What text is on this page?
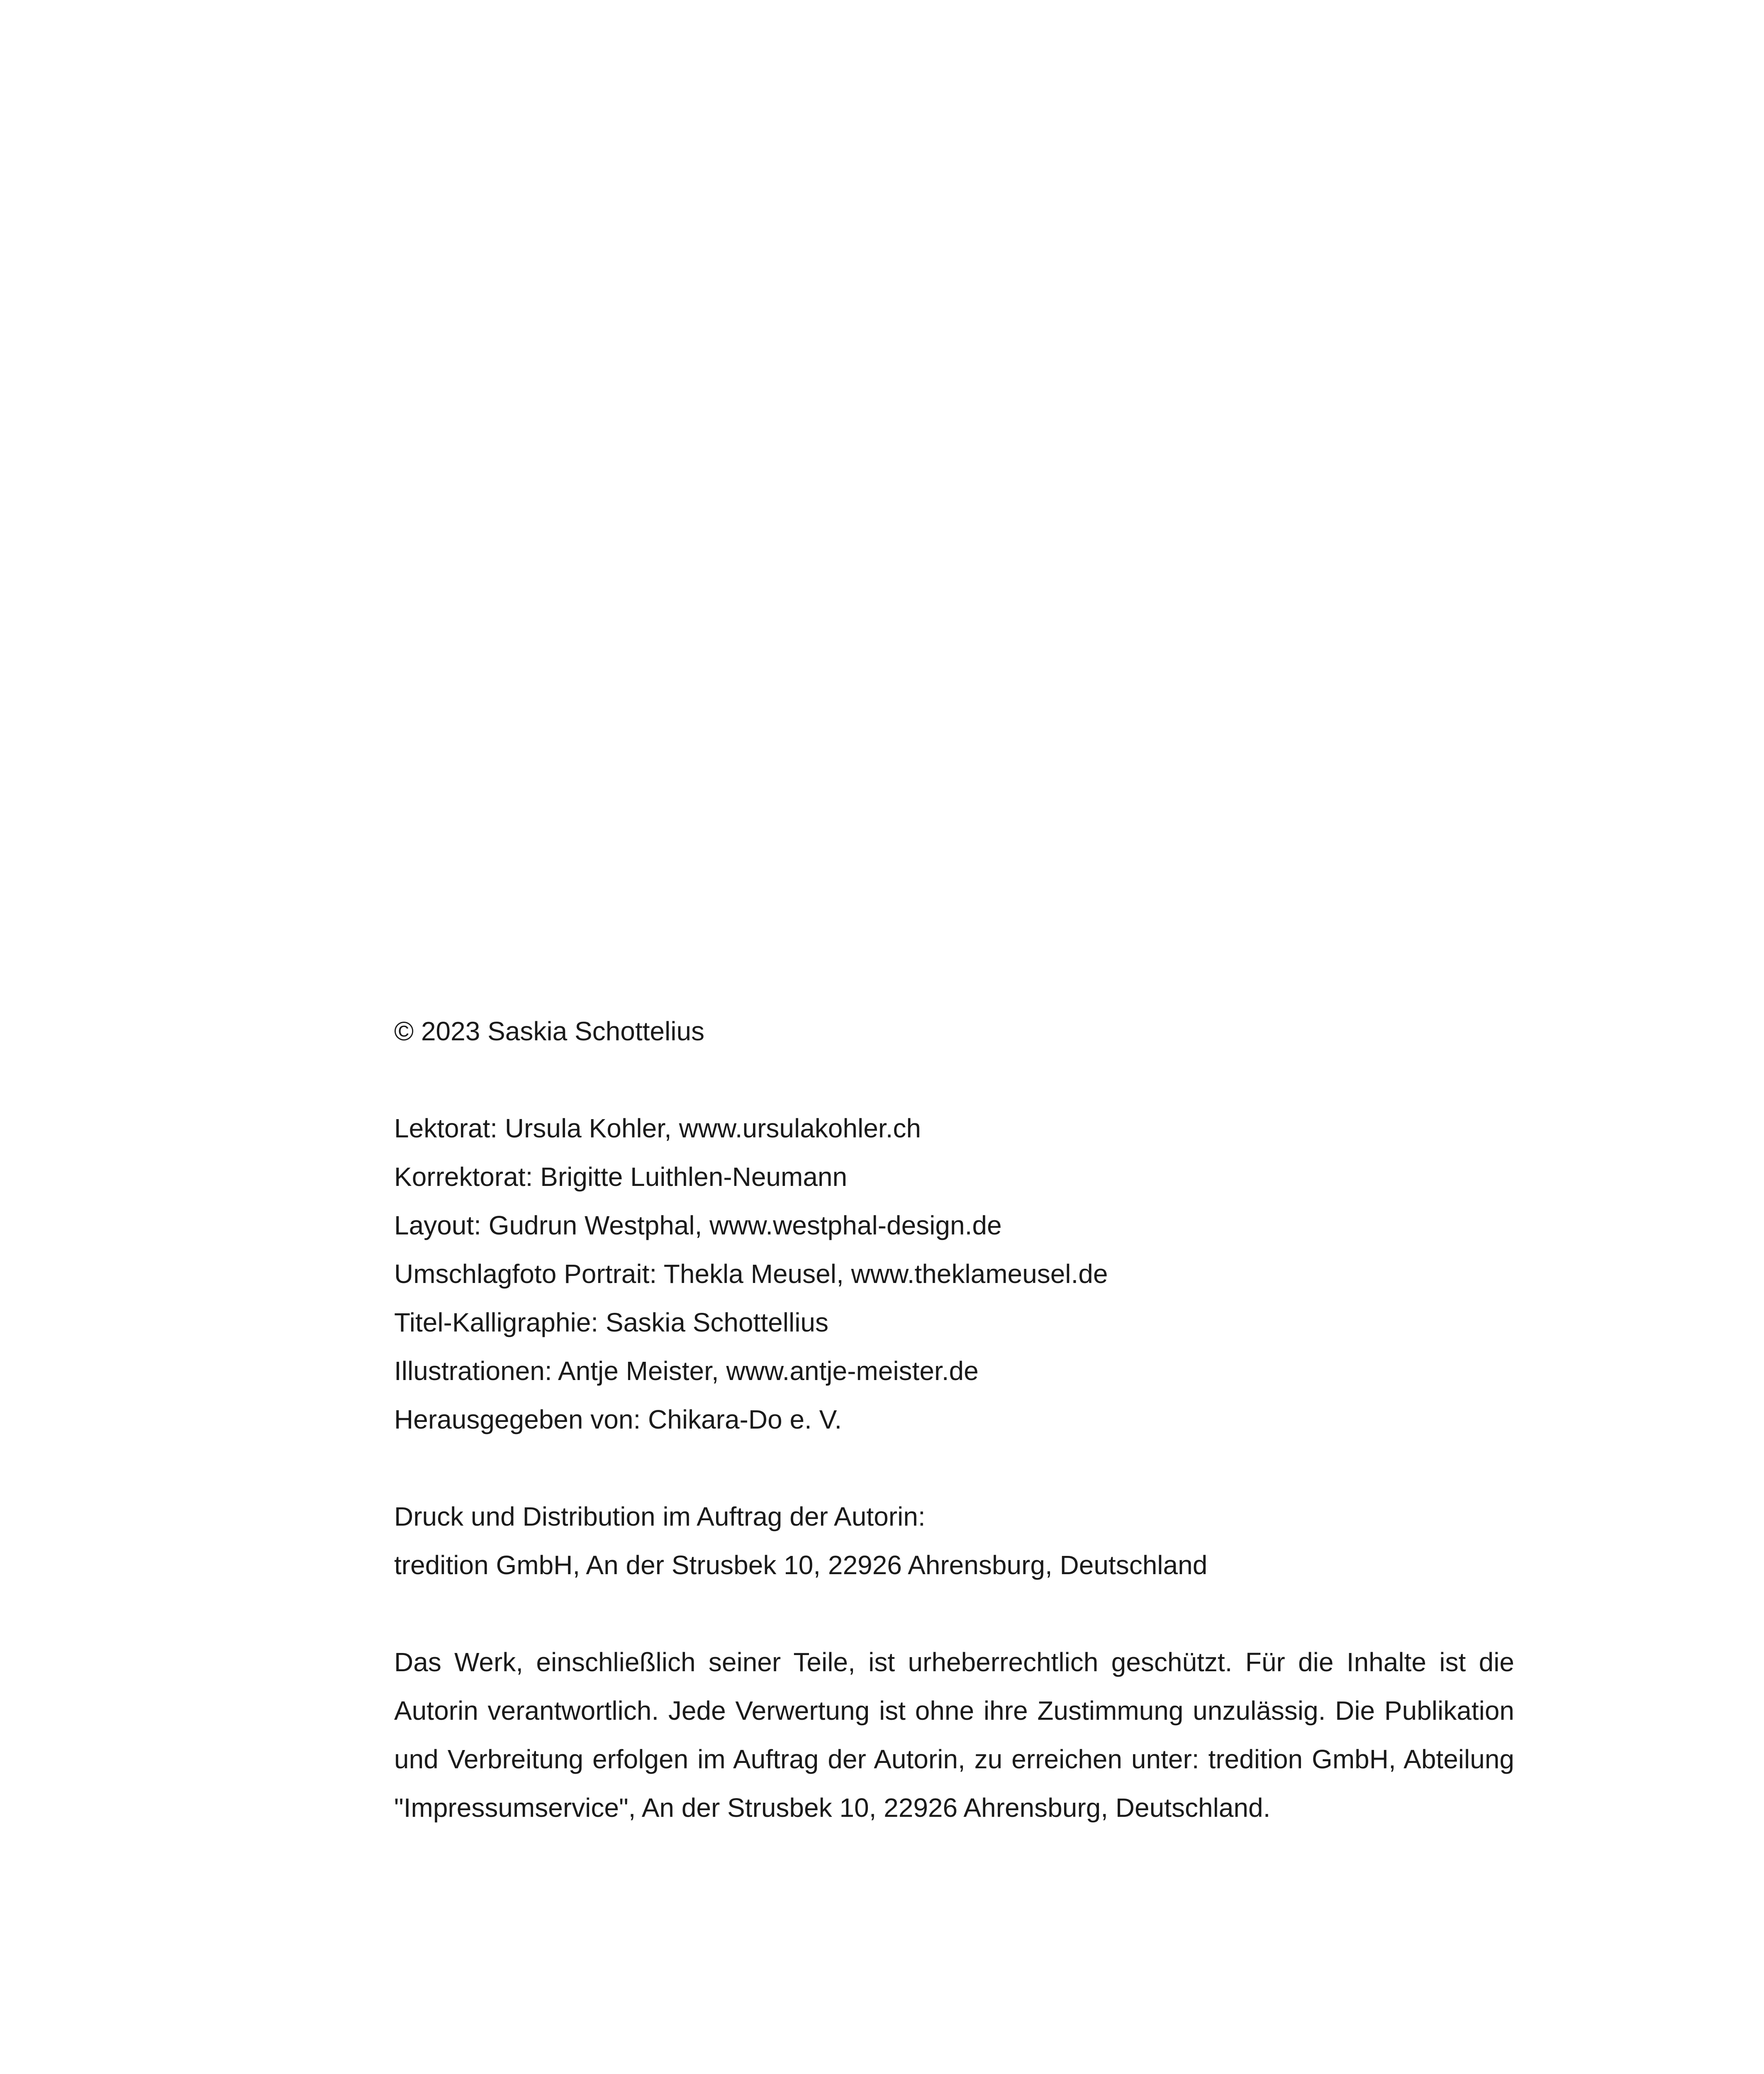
© 2023 Saskia Schottelius

Lektorat: Ursula Kohler, www.ursulakohler.ch

Korrektorat: Brigitte Luithlen-Neumann

Layout: Gudrun Westphal, www.westphal-design.de

Umschlagfoto Portrait: Thekla Meusel, www.theklameusel.de

Titel-Kalligraphie: Saskia Schottellius

Illustrationen: Antje Meister, www.antje-meister.de

Herausgegeben von: Chikara-Do e. V.

Druck und Distribution im Auftrag der Autorin:

tredition GmbH, An der Strusbek 10, 22926 Ahrensburg, Deutschland

Das Werk, einschließlich seiner Teile, ist urheberrechtlich geschützt. Für die Inhalte ist die Autorin verantwortlich. Jede Verwertung ist ohne ihre Zustimmung unzulässig. Die Publikation und Verbreitung erfolgen im Auftrag der Autorin, zu erreichen unter: tredition GmbH, Abteilung "Impressumservice", An der Strusbek 10, 22926 Ahrensburg, Deutschland.
